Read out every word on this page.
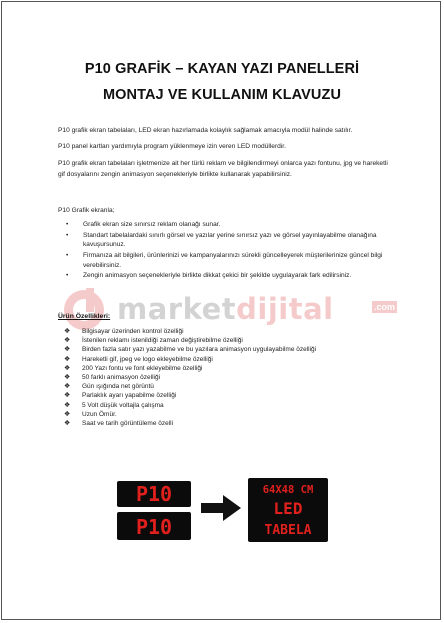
P10 GRAFİK – KAYAN YAZI PANELLERİ
MONTAJ VE KULLANIM KLAVUZU
P10 grafik ekran tabelaları, LED ekran hazırlamada kolaylık sağlamak amacıyla modül halinde satılır.
P10 panel kartları yardımıyla program yüklenmeye izin veren LED modüllerdir.
P10 grafik ekran tabelaları işletmenize ait her türlü reklam ve bilgilendirmeyi onlarca yazı fontunu, jpg ve hareketli gif dosyalarını zengin animasyon seçenekleriyle birlikte kullanarak yapabilirsiniz.
P10 Grafik ekranla;
• Grafik ekran size sınırsız reklam olanağı sunar.
• Standart tabelalardaki sınırlı görsel ve yazılar yerine sınırsız yazı ve görsel yayınlayabilme olanağına kavuşursunuz.
• Firmanıza ait bilgileri, ürünlerinizi ve kampanyalarınızı sürekli güncelleyerek müşterilerinize güncel bilgi verebilirsiniz.
• Zengin animasyon seçenekleriyle birlikte dikkat çekici bir şekilde uygulayarak fark edilirsiniz.
marketdijital	.com
Ürün Özellikleri:
❖ Bilgisayar üzerinden kontrol özelliği
❖ İstenilen reklamı istenildiği zaman değiştirebilme özelliği
❖ Birden fazla satır yazı yazabilme ve bu yazılara animasyon uygulayabilme özelliği
❖ Hareketli gif, jpeg ve logo ekleyebilme özelliği
❖ 200 Yazı fontu ve font ekleyebilme özelliği
❖ 50 farklı animasyon özelliği
❖ Gün ışığında net görüntü
❖ Parlaklık ayarı yapabilme özelliği
❖ 5 Volt düşük voltajla çalışma
❖ Uzun Ömür.
❖ Saat ve tarih görüntüleme özelli
P10
P10
64X48 CM
LED
TABELA
